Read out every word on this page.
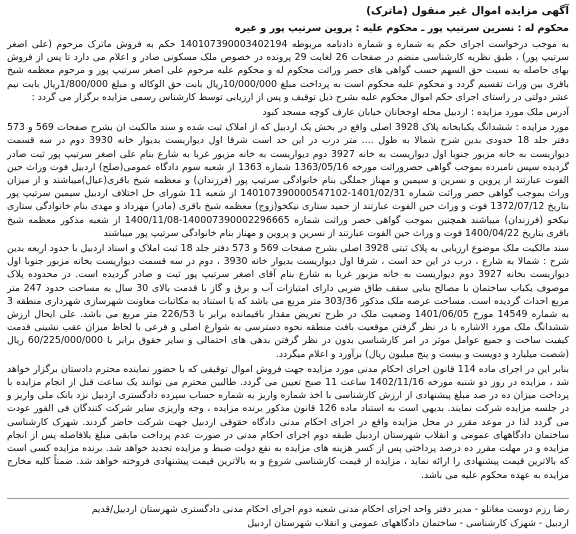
آگهی مزایده اموال غیر منقول (ماترک)
محکوم له : نسرین سرتیپ پور ـ محکوم علیه : پروین سرتیپ پور و غیره
به موجب درخواست اجرای حکم به شماره و شماره دادنامه مربوطه 140107390003402194 حکم به فروش ماترک مرحوم (علی اصغر سرتیپ پور) ، طبق نظریه کارشناسی منضم در صفحات 26 لغایت 29 پرونده در خصوص ملک مسکونی صادر و اعلام می دارد تا پس از فروش بهای حاصله به نسبت حق السهم حسب گواهی های حصر وراثت محکوم له و محکوم علیه مرحوم علی اصغر سرتیپ پور و مرحوم معظمه شیخ باقری بین وراث تقسیم گردد و محکوم علیه محکوم است به پرداخت مبلغ 10/000/000ریال بابت حق الوکاله و مبلغ 1/800/000ریال بابت نیم عشر دولتی در راستای اجرای حکم اموال محکوم علیه بشرح ذیل توقیف و پس از ارزیابی توسط کارشناس رسمی مزایده برگزار می گردد :
آدرس ملک مورد مزایده : اردبیل محله اوجخانان خیابان عارف کوچه مسجد کبود
مورد مزایده : ششدانگ یکبابخانه پلاک 3928 اصلی واقع در بخش یک اردبیل که از املاک ثبت شده و سند مالکیت ان بشرح صفحات 569 و 573 دفتر جلد 18 حدودی بدین شرح شمالا به طول .... متر درب در این حد است شرقا اول دیواریست بدیوار خانه 3930 دوم در سه قسمت دیواریست به خانه مزبور جنوبا اول دیواریست به خانه 3927 دوم دیواریست به خانه مزبور غربا به شارع بنام علی اصغر سرتیپ پور ثبت صادر گردیده سپس نامبرده بموجب گواهی حصروراثت مورخه 1363/05/16 شماره 1363 از شعبه سوم دادگاه عمومی(صلح) اردبیل فوت وراث حین الفوت عبارتند از پروین و نسرین و سیمین و مهناز جملگی بنام خانوادگی سرتیپ پور (فرزندان) و معظمه شیخ باقری(عیال)میباشند و از میزان وراث بموجب گواهی حصر وراثت شماره 1401/02/31-140107390000547102 از شعبه 11 شورای حل اختلاف اردبیل سیمین سرتیپ پور بتاریخ 1372/07/12 فوت و وراث حین الفوت عبارتند از حمید ستاری نیکخو(زوج) معظمه شیخ باقری (مادر) مهرداد و مهدی بنام خانوادگی ستاری نیکخو (فرزندان) میباشند همچنین بموجب گواهی حصر وراثت شماره 140007390002296665-1400/11/08 از شعبه مذکور معظمه شیخ باقری بتاریخ 1400/04/22 فوت و وراث حین الفوت عبارتند از نسرین و پروین و مهناز بنام خانوادگی سرتیپ پور میباشند
سند مالکیت ملک موضوع ارزیابی به پلاک ثبتی 3928 اصلی بشرح صفحات 569 و 573 دفتر جلد 18 ثبت املاک و اسناد اردبیل با حدود اربعه بدین شرح : شمالا به شارع ، درب در این حد است ، شرقا اول دیواریست بدیوار خانه 3930 ، دوم در سه قسمت دیواریست بخانه مزبور جنوبا اول دیواریست بخانه 3927 دوم دیواریست به خانه مزبور غربا به شارع بنام آقای اصغر سرتیپ پور ثبت و صادر گردیده است. در محدوده پلاک موصوف یکباب ساختمان با مصالح بنایی سقف طاق ضربی دارای امتیازات آب و برق و گاز با قدمت بالای 30 سال به مساحت حدود 247 متر مربع احداث گردیده است. مساحت عرصه ملک مذکور 303/36 متر مربع می باشد که با استناد به مکاتبات معاونت شهرسازی شهرداری منطقه 3 به شماره 14549 مورخ 1401/06/05 وضعیت ملک در طرح تعریض مقدار باقیمانده برابر با 226/53 متر مربع می باشد. علی ایحال ارزش ششدانگ ملک مورد الاشاره با در نظر گرفتن موقعیت بافت منطقه نحوه دسترسی به شوارع اصلی و فرعی با لحاظ میزان عقب نشینی قدمت کیفیت ساخت و جمیع عوامل موثر در امر کارشناسی بدون در نظر گرفتن بدهی های احتمالی و سایر حقوق برابر با 60/225/000/000 ریال (شصت میلیارد و دویست و بیست و پنج میلیون ریال) برآورد و اعلام میگردد.
بنابر این در اجرای ماده 114 قانون اجرای احکام مدنی مورد مزایده جهت فروش اموال توقیفی که با حضور نماینده محترم دادستان برگزار خواهد شد ، مزایده در روز دو شنبه مورخه 1402/11/16 ساعت 11 صبح تعیین می گردد. طالبین محترم می توانند یک ساعت قبل از انجام مزایده با پرداخت میزان ده در صد مبلغ پیشنهادی از ارزش کارشناسی با اخذ شماره واریز به شماره حساب سپرده دادگستری اردبیل نزد بانک ملی واریز و در جلسه مزایده شرکت نمایند. بدیهی است به استناد ماده 126 قانون مذکور برنده مزایده ، وجه واریزی سایر شرکت کنندگان فی الفور عودت می گردد لذا در موعد مقرر در محل مزایده واقع در اجرای احکام مدنی دادگاه حقوقی اردبیل جهت شرکت حاضر گردند. شهرک کارشناسی ساختمان دادگاههای عمومی و انقلاب شهرستان اردبیل طبقه دوم اجرای احکام مدنی در صورت عدم پرداخت مابقی مبلغ بلافاصله پس از انجام مزایده و در مهلت مقرر ده درصد پرداختی پس از کسر هزینه های مزایده به نفع دولت ضبط و مزایده تجدید خواهد شد. برنده مزایده کسی است که بالاترین قیمت پیشنهادی را ارائه نماید ، مزایده از قیمت کارشناسی شروع و به بالاترین قیمت پیشنهادی فروخته خواهد شد. ضمناً کلیه مخارج مزایده به عهده محکوم علیه می باشد.
رضا رزم دوست مغانلو - مدیر دفتر واحد اجرای احکام مدنی شعبه دوم اجرای احکام مدنی دادگستری شهرستان اردبیل/قدیم
اردبیل - شهرک کارشناسی - ساختمان دادگاههای عمومی و انقلاب شهرستان اردبیل
